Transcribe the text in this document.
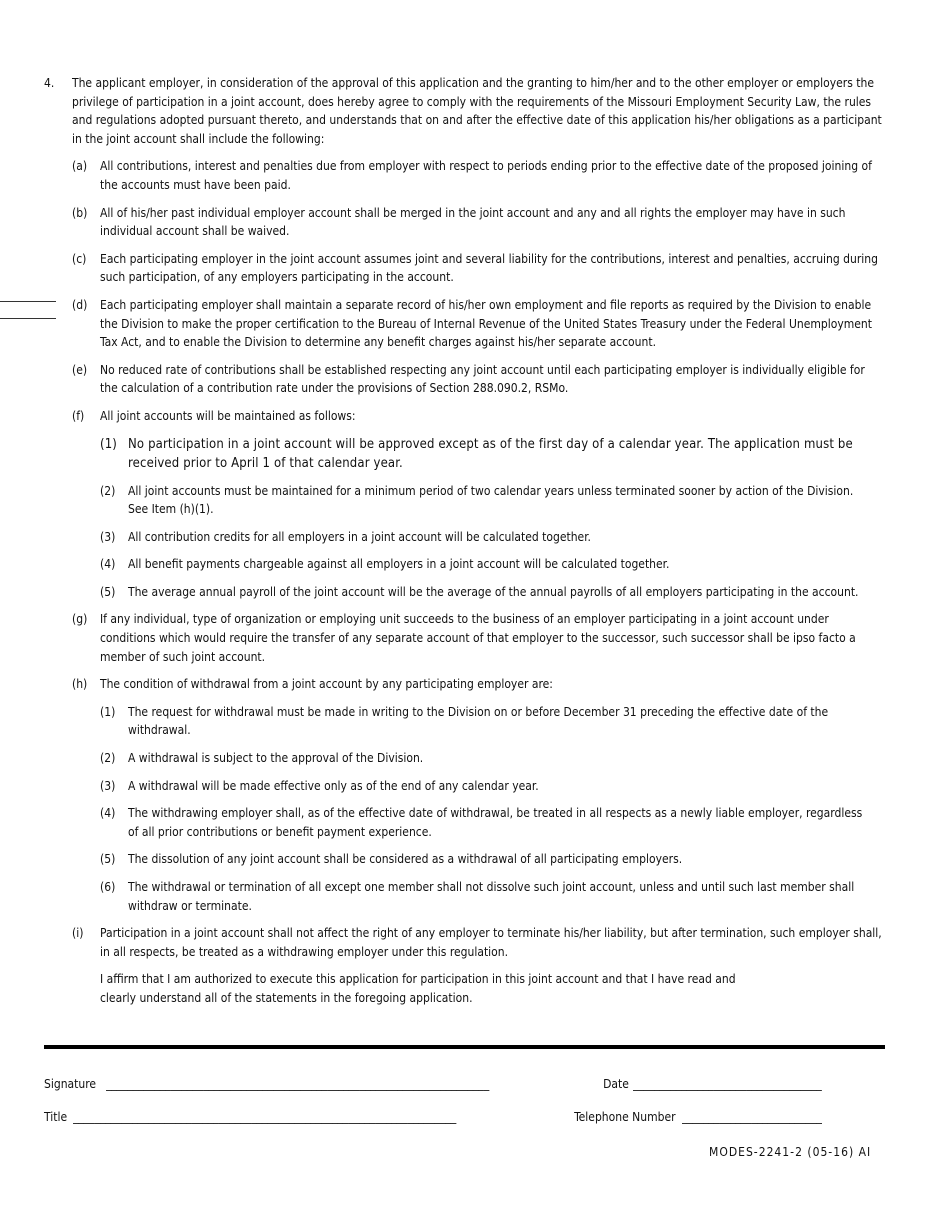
4. The applicant employer, in consideration of the approval of this application and the granting to him/her and to the other employer or employers the privilege of participation in a joint account, does hereby agree to comply with the requirements of the Missouri Employment Security Law, the rules and regulations adopted pursuant thereto, and understands that on and after the effective date of this application his/her obligations as a participant in the joint account shall include the following:
(a) All contributions, interest and penalties due from employer with respect to periods ending prior to the effective date of the proposed joining of the accounts must have been paid.
(b) All of his/her past individual employer account shall be merged in the joint account and any and all rights the employer may have in such individual account shall be waived.
(c) Each participating employer in the joint account assumes joint and several liability for the contributions, interest and penalties, accruing during such participation, of any employers participating in the account.
(d) Each participating employer shall maintain a separate record of his/her own employment and file reports as required by the Division to enable the Division to make the proper certification to the Bureau of Internal Revenue of the United States Treasury under the Federal Unemployment Tax Act, and to enable the Division to determine any benefit charges against his/her separate account.
(e) No reduced rate of contributions shall be established respecting any joint account until each participating employer is individually eligible for the calculation of a contribution rate under the provisions of Section 288.090.2, RSMo.
(f) All joint accounts will be maintained as follows:
(1) No participation in a joint account will be approved except as of the first day of a calendar year. The application must be received prior to April 1 of that calendar year.
(2) All joint accounts must be maintained for a minimum period of two calendar years unless terminated sooner by action of the Division. See Item (h)(1).
(3) All contribution credits for all employers in a joint account will be calculated together.
(4) All benefit payments chargeable against all employers in a joint account will be calculated together.
(5) The average annual payroll of the joint account will be the average of the annual payrolls of all employers participating in the account.
(g) If any individual, type of organization or employing unit succeeds to the business of an employer participating in a joint account under conditions which would require the transfer of any separate account of that employer to the successor, such successor shall be ipso facto a member of such joint account.
(h) The condition of withdrawal from a joint account by any participating employer are:
(1) The request for withdrawal must be made in writing to the Division on or before December 31 preceding the effective date of the withdrawal.
(2) A withdrawal is subject to the approval of the Division.
(3) A withdrawal will be made effective only as of the end of any calendar year.
(4) The withdrawing employer shall, as of the effective date of withdrawal, be treated in all respects as a newly liable employer, regardless of all prior contributions or benefit payment experience.
(5) The dissolution of any joint account shall be considered as a withdrawal of all participating employers.
(6) The withdrawal or termination of all except one member shall not dissolve such joint account, unless and until such last member shall withdraw or terminate.
(i) Participation in a joint account shall not affect the right of any employer to terminate his/her liability, but after termination, such employer shall, in all respects, be treated as a withdrawing employer under this regulation.
I affirm that I am authorized to execute this application for participation in this joint account and that I have read and
clearly understand all of the statements in the foregoing application.
Signature _______________________________________________________________________	Date ___________________________________
Title _______________________________________________________________________	Telephone Number __________________________
MODES-2241-2 (05-16) AI
